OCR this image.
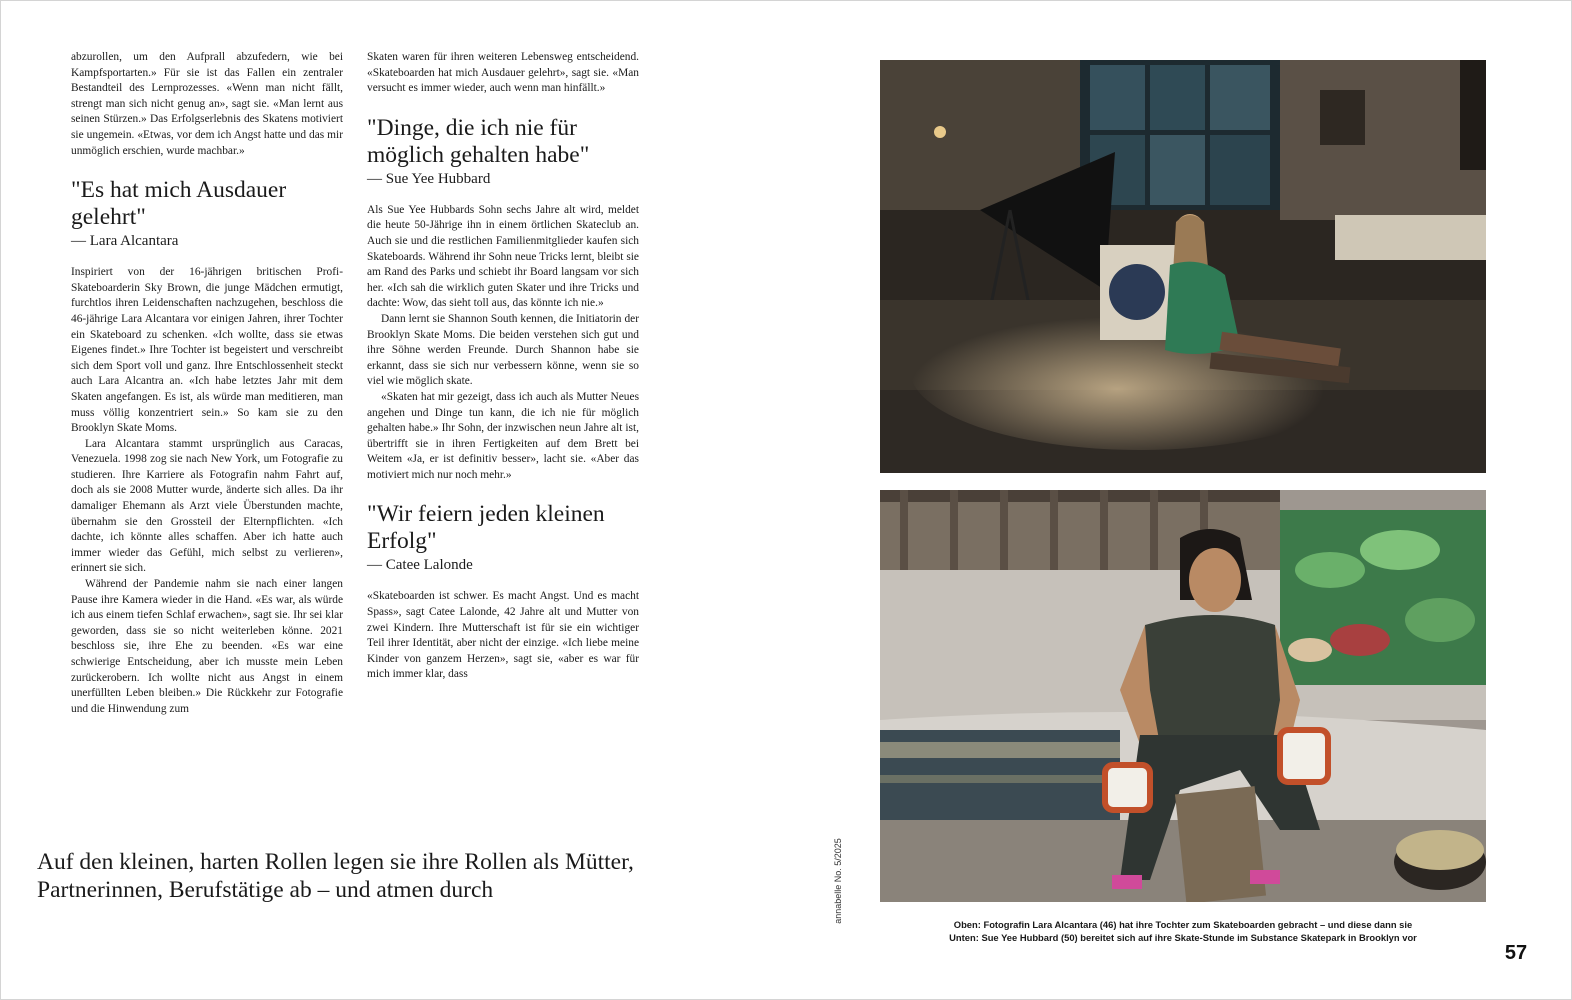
abzurollen, um den Aufprall abzufedern, wie bei Kampfsportarten.» Für sie ist das Fallen ein zentraler Bestandteil des Lernprozesses. «Wenn man nicht fällt, strengt man sich nicht genug an», sagt sie. «Man lernt aus seinen Stürzen.» Das Erfolgserlebnis des Skatens motiviert sie ungemein. «Etwas, vor dem ich Angst hatte und das mir unmöglich erschien, wurde machbar.»

"Es hat mich Ausdauer gelehrt"
— Lara Alcantara

Inspiriert von der 16-jährigen britischen Profi-Skateboarderin Sky Brown, die junge Mädchen ermutigt, furchtlos ihren Leidenschaften nachzugehen, beschloss die 46-jährige Lara Alcantara vor einigen Jahren, ihrer Tochter ein Skateboard zu schenken. «Ich wollte, dass sie etwas Eigenes findet.» Ihre Tochter ist begeistert und verschreibt sich dem Sport voll und ganz. Ihre Entschlossenheit steckt auch Lara Alcantra an. «Ich habe letztes Jahr mit dem Skaten angefangen. Es ist, als würde man meditieren, man muss völlig konzentriert sein.» So kam sie zu den Brooklyn Skate Moms.

Lara Alcantara stammt ursprünglich aus Caracas, Venezuela. 1998 zog sie nach New York, um Fotografie zu studieren. Ihre Karriere als Fotografin nahm Fahrt auf, doch als sie 2008 Mutter wurde, änderte sich alles. Da ihr damaliger Ehemann als Arzt viele Überstunden machte, übernahm sie den Grossteil der Elternpflichten. «Ich dachte, ich könnte alles schaffen. Aber ich hatte auch immer wieder das Gefühl, mich selbst zu verlieren», erinnert sie sich.

Während der Pandemie nahm sie nach einer langen Pause ihre Kamera wieder in die Hand. «Es war, als würde ich aus einem tiefen Schlaf erwachen», sagt sie. Ihr sei klar geworden, dass sie so nicht weiterleben könne. 2021 beschloss sie, ihre Ehe zu beenden. «Es war eine schwierige Entscheidung, aber ich musste mein Leben zurückerobern. Ich wollte nicht aus Angst in einem unerfüllten Leben bleiben.» Die Rückkehr zur Fotografie und die Hinwendung zum

Skaten waren für ihren weiteren Lebensweg entscheidend. «Skateboarden hat mich Ausdauer gelehrt», sagt sie. «Man versucht es immer wieder, auch wenn man hinfällt.»

"Dinge, die ich nie für möglich gehalten habe"
— Sue Yee Hubbard

Als Sue Yee Hubbards Sohn sechs Jahre alt wird, meldet die heute 50-Jährige ihn in einem örtlichen Skateclub an. Auch sie und die restlichen Familienmitglieder kaufen sich Skateboards. Während ihr Sohn neue Tricks lernt, bleibt sie am Rand des Parks und schiebt ihr Board langsam vor sich her. «Ich sah die wirklich guten Skater und ihre Tricks und dachte: Wow, das sieht toll aus, das könnte ich nie.»

Dann lernt sie Shannon South kennen, die Initiatorin der Brooklyn Skate Moms. Die beiden verstehen sich gut und ihre Söhne werden Freunde. Durch Shannon habe sie erkannt, dass sie sich nur verbessern könne, wenn sie so viel wie möglich skate.

«Skaten hat mir gezeigt, dass ich auch als Mutter Neues angehen und Dinge tun kann, die ich nie für möglich gehalten habe.» Ihr Sohn, der inzwischen neun Jahre alt ist, übertrifft sie in ihren Fertigkeiten auf dem Brett bei Weitem «Ja, er ist definitiv besser», lacht sie. «Aber das motiviert mich nur noch mehr.»

"Wir feiern jeden kleinen Erfolg"
— Catee Lalonde

«Skateboarden ist schwer. Es macht Angst. Und es macht Spass», sagt Catee Lalonde, 42 Jahre alt und Mutter von zwei Kindern. Ihre Mutterschaft ist für sie ein wichtiger Teil ihrer Identität, aber nicht der einzige. «Ich liebe meine Kinder von ganzem Herzen», sagt sie, «aber es war für mich immer klar, dass

Auf den kleinen, harten Rollen legen sie ihre Rollen als Mütter, Partnerinnen, Berufstätige ab – und atmen durch	annabelle No. 5/2025
Oben: Fotografin Lara Alcantara (46) hat ihre Tochter zum Skateboarden gebracht – und diese dann sie
Unten: Sue Yee Hubbard (50) bereitet sich auf ihre Skate-Stunde im Substance Skatepark in Brooklyn vor
57
